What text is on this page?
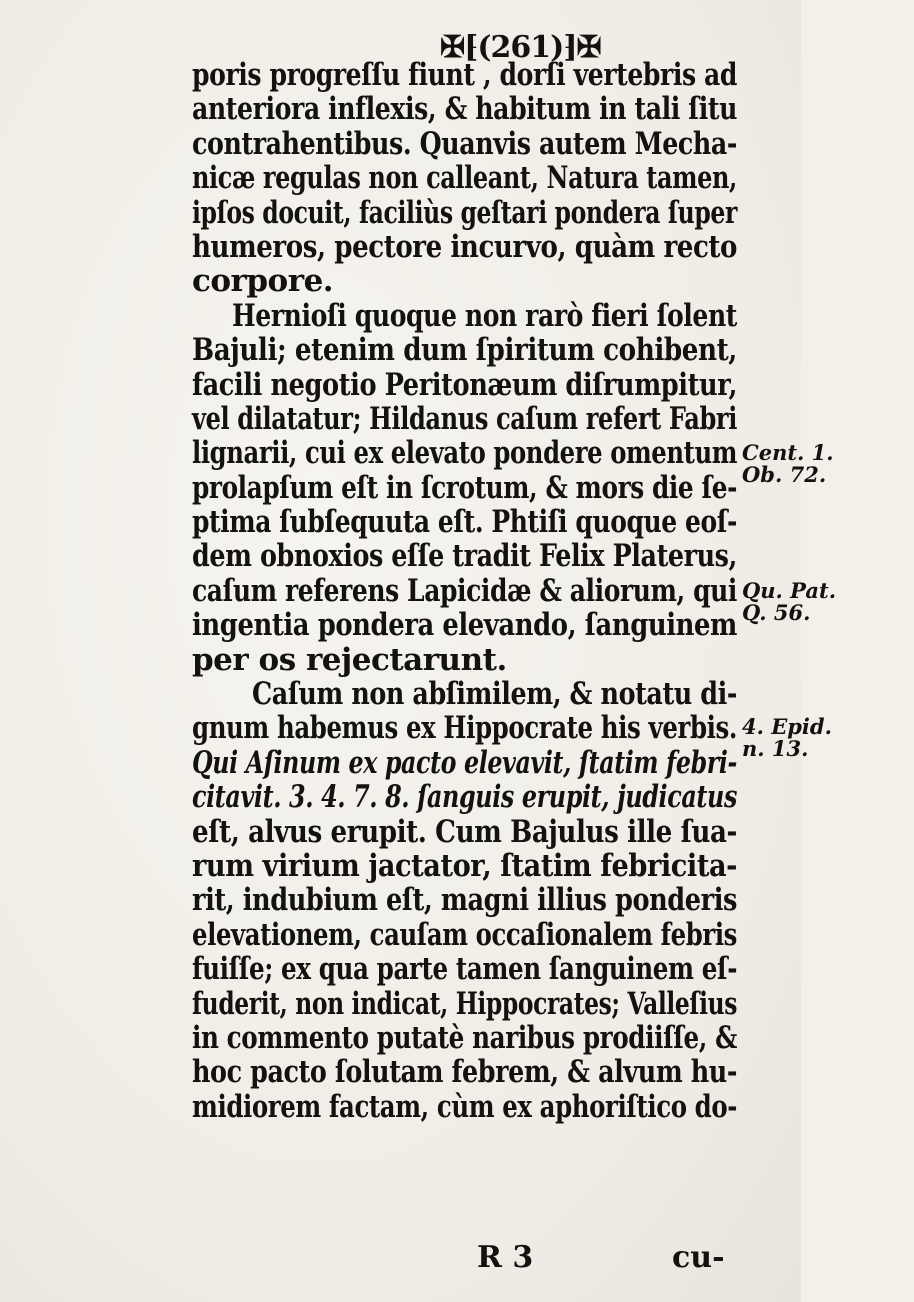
✠⁅(261)⁆✠
poris progreſſu fiunt , dorſi vertebris ad
anteriora inflexis, & habitum in tali ſitu
contrahentibus. Quanvis autem Mecha-
nicæ regulas non calleant, Natura tamen,
ipſos docuit, faciliùs geſtari pondera ſuper
humeros, pectore incurvo, quàm recto
corpore.
Hernioſi quoque non rarò fieri ſolent
Bajuli; etenim dum ſpiritum cohibent,
facili negotio Peritonæum diſrumpitur,
vel dilatatur; Hildanus caſum refert Fabri
lignarii, cui ex elevato pondere omentum
prolapſum eſt in ſcrotum, & mors die ſe-
ptima ſubſequuta eſt. Phtiſi quoque eoſ-
dem obnoxios eſſe tradit Felix Platerus,
caſum referens Lapicidæ & aliorum, qui
ingentia pondera elevando, ſanguinem
per os rejectarunt.
Caſum non abſimilem, & notatu di-
gnum habemus ex Hippocrate his verbis.
Qui Aſinum ex pacto elevavit, ſtatim febri-
citavit. 3. 4. 7. 8. ſanguis erupit, judicatus
eſt, alvus erupit. Cum Bajulus ille ſua-
rum virium jactator, ſtatim febricita-
rit, indubium eſt, magni illius ponderis
elevationem, cauſam occaſionalem febris
fuiſſe; ex qua parte tamen ſanguinem eſ-
fuderit, non indicat, Hippocrates; Valleſius
in commento putatè naribus prodiiſſe, &
hoc pacto ſolutam febrem, & alvum hu-
midiorem factam, cùm ex aphoriſtico do-
Cent. 1.
Ob. 72.
Qu. Pat.
Q. 56.
4. Epid.
n. 13.
R 3	cu-
